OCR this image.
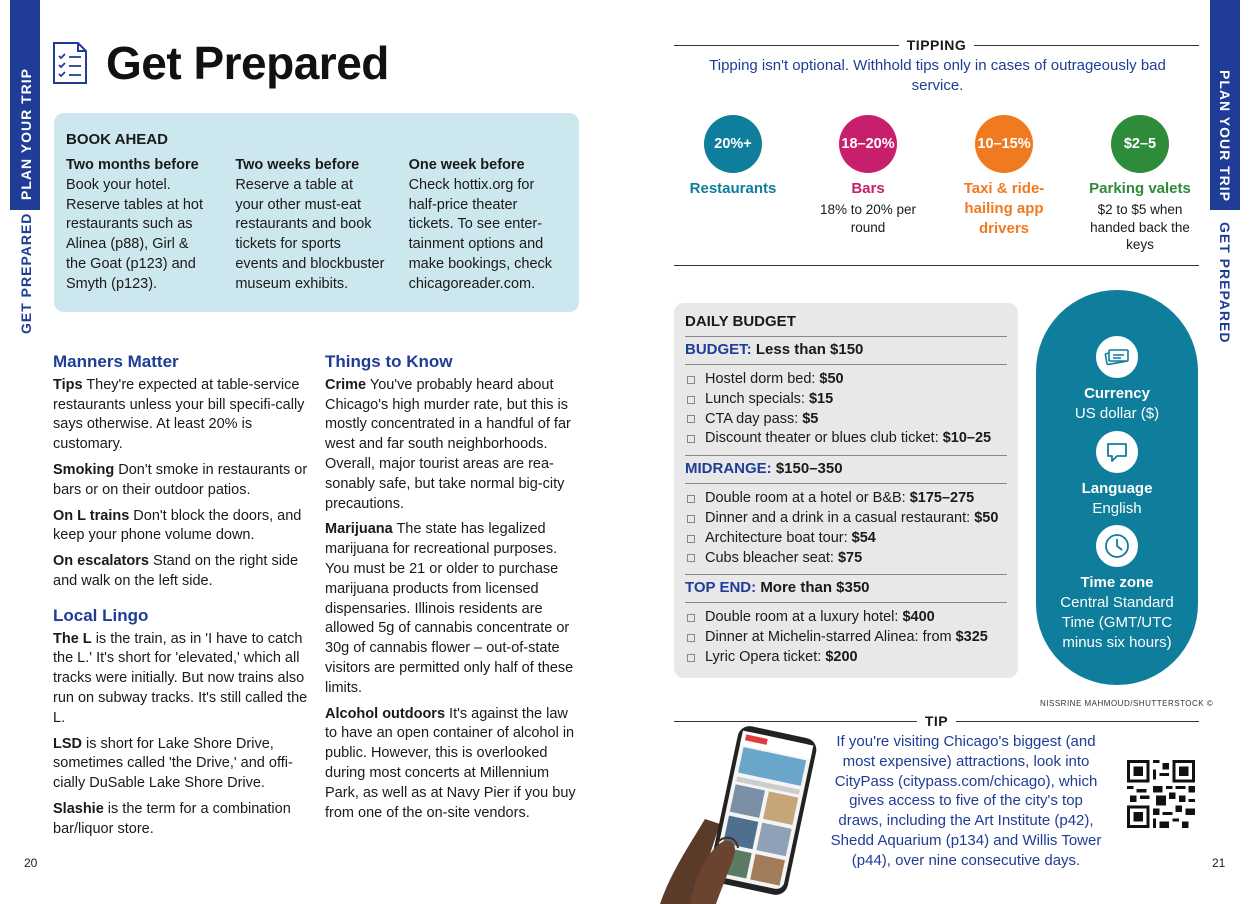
PLAN YOUR TRIP
GET PREPARED
PLAN YOUR TRIP
GET PREPARED
20	21
Get Prepared
BOOK AHEAD
Two months before
Book your hotel.
Reserve tables at hot
restaurants such as
Alinea (p88), Girl &
the Goat (p123) and
Smyth (p123).
Two weeks before
Reserve a table at
your other must-eat
restaurants and book
tickets for sports
events and blockbuster
museum exhibits.
One week before
Check hottix.org for
half-price theater
tickets. To see enter-
tainment options and
make bookings, check
chicagoreader.com.
Manners Matter

Tips They're expected at table-service restaurants unless your bill specifi-cally says otherwise. At least 20% is customary.

Smoking Don't smoke in restaurants or bars or on their outdoor patios.

On L trains Don't block the doors, and keep your phone volume down.

On escalators Stand on the right side and walk on the left side.

Local Lingo

The L is the train, as in 'I have to catch the L.' It's short for 'elevated,' which all tracks were initially. But now trains also run on subway tracks. It's still called the L.

LSD is short for Lake Shore Drive, sometimes called 'the Drive,' and offi-cially DuSable Lake Shore Drive.

Slashie is the term for a combination bar/liquor store.

Things to Know

Crime You've probably heard about Chicago's high murder rate, but this is mostly concentrated in a handful of far west and far south neighborhoods. Overall, major tourist areas are rea-sonably safe, but take normal big-city precautions.

Marijuana The state has legalized marijuana for recreational purposes. You must be 21 or older to purchase marijuana products from licensed dispensaries. Illinois residents are allowed 5g of cannabis concentrate or 30g of cannabis flower – out-of-state visitors are permitted only half of these limits.

Alcohol outdoors It's against the law to have an open container of alcohol in public. However, this is overlooked during most concerts at Millennium Park, as well as at Navy Pier if you buy from one of the on-site vendors.

TIPPING
Tipping isn't optional. Withhold tips only in cases of outrageously bad service.
20%+
Restaurants
18–20%
Bars
18% to 20% per round
10–15%
Taxi & ride-hailing app drivers
$2–5
Parking valets
$2 to $5 when handed back the keys
DAILY BUDGET
BUDGET: Less than $150
Hostel dorm bed: $50
Lunch specials: $15
CTA day pass: $5
Discount theater or blues club ticket: $10–25
MIDRANGE: $150–350
Double room at a hotel or B&B: $175–275
Dinner and a drink in a casual restaurant: $50
Architecture boat tour: $54
Cubs bleacher seat: $75
TOP END: More than $350
Double room at a luxury hotel: $400
Dinner at Michelin-starred Alinea: from $325
Lyric Opera ticket: $200
Currency
US dollar ($)
Language
English
Time zone
Central Standard Time (GMT/UTC minus six hours)
NISSRINE MAHMOUD/SHUTTERSTOCK ©
TIP
If you're visiting Chicago's biggest (and most expensive) attractions, look into CityPass (citypass.com/chicago), which gives access to five of the city's top draws, including the Art Institute (p42), Shedd Aquarium (p134) and Willis Tower (p44), over nine consecutive days.
